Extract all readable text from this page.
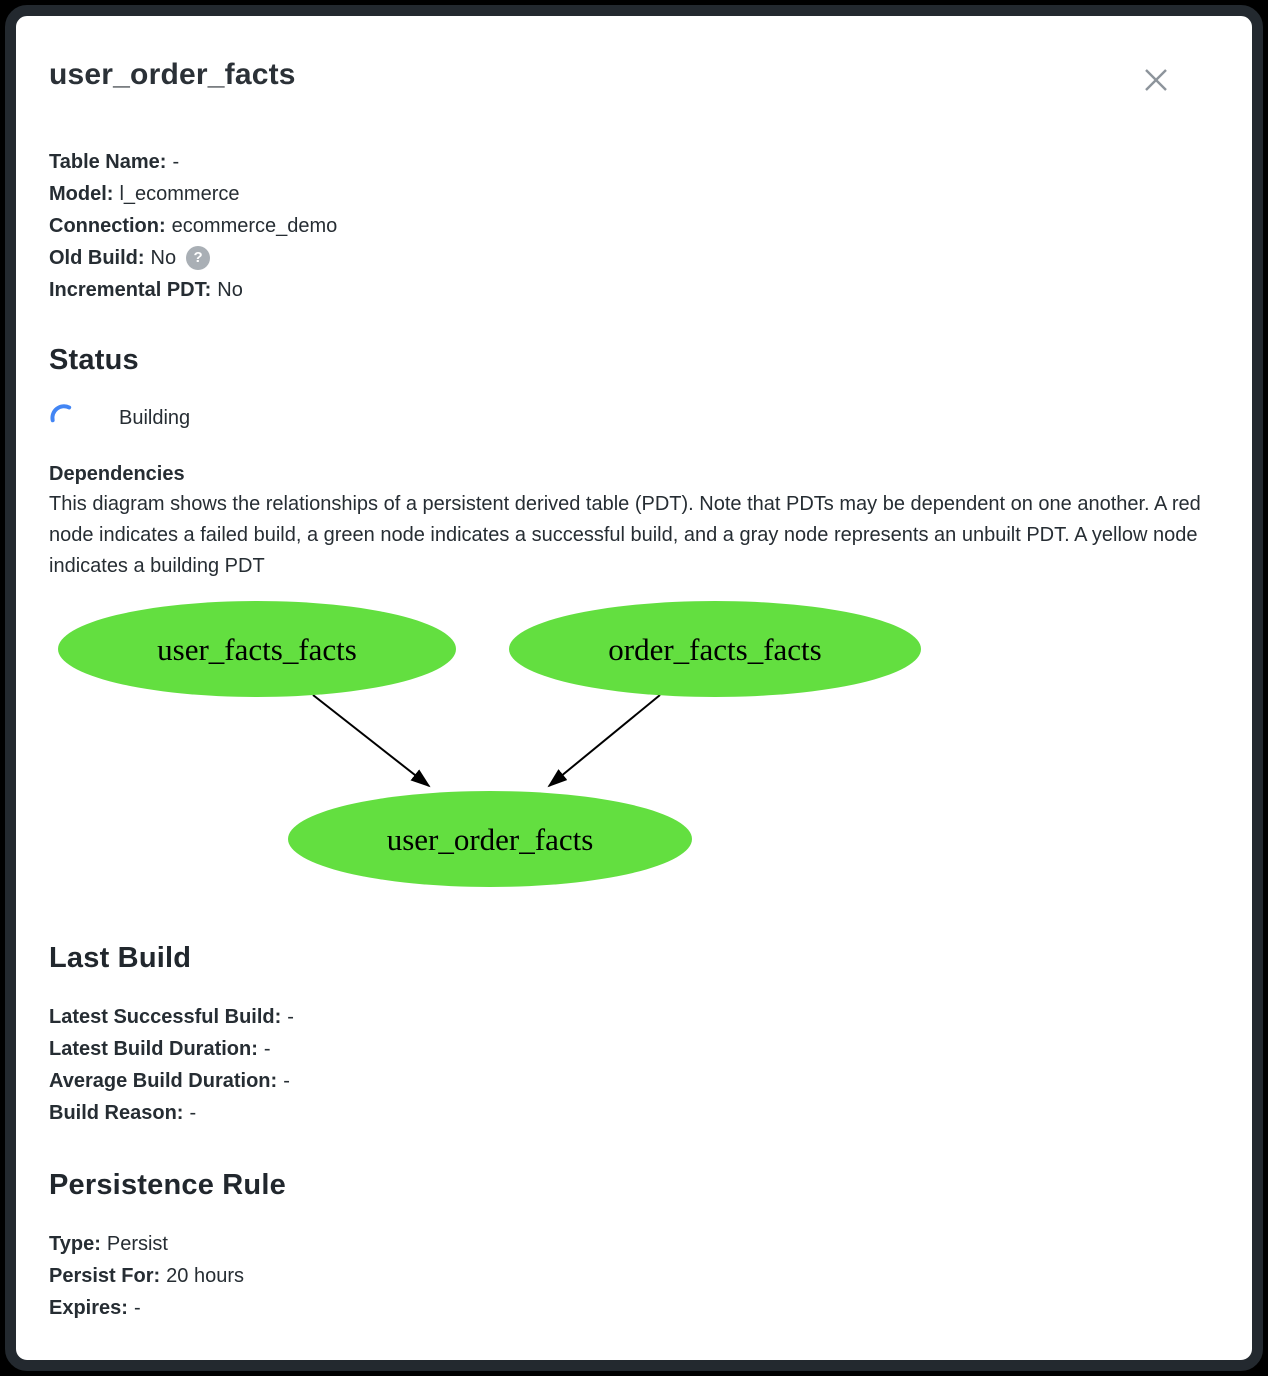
user_order_facts
Table Name: -
Model: l_ecommerce
Connection: ecommerce_demo
Old Build: No ?
Incremental PDT: No
Status
Building
Dependencies
This diagram shows the relationships of a persistent derived table (PDT). Note that PDTs may be dependent on one another. A red node indicates a failed build, a green node indicates a successful build, and a gray node represents an unbuilt PDT. A yellow node indicates a building PDT
user_facts_facts	order_facts_facts
user_order_facts
Last Build
Latest Successful Build: -
Latest Build Duration: -
Average Build Duration: -
Build Reason: -
Persistence Rule
Type: Persist
Persist For: 20 hours
Expires: -
